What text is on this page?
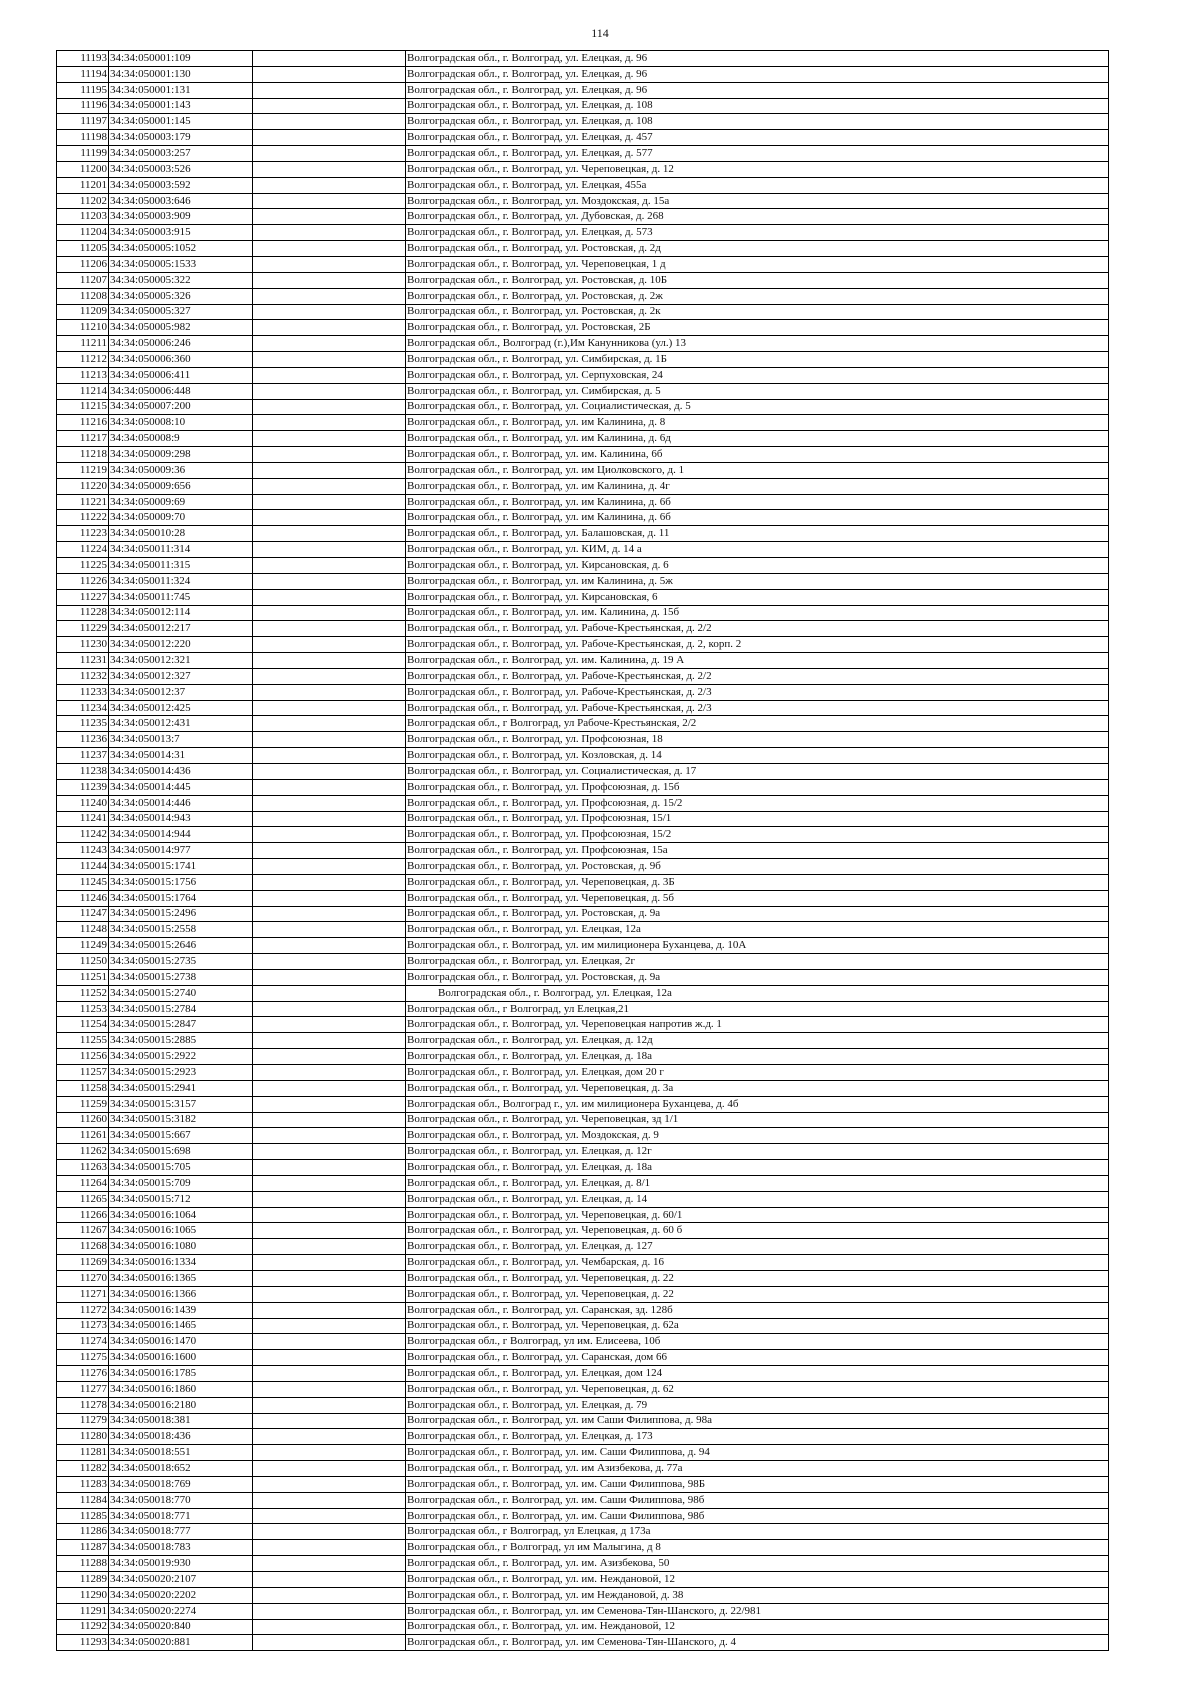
114
11193	34:34:050001:109		Волгоградская обл., г. Волгоград, ул. Елецкая, д. 96
11194	34:34:050001:130		Волгоградская обл., г. Волгоград, ул. Елецкая, д. 96
11195	34:34:050001:131		Волгоградская обл., г. Волгоград, ул. Елецкая, д. 96
11196	34:34:050001:143		Волгоградская обл., г. Волгоград, ул. Елецкая, д. 108
11197	34:34:050001:145		Волгоградская обл., г. Волгоград, ул. Елецкая, д. 108
11198	34:34:050003:179		Волгоградская обл., г. Волгоград, ул. Елецкая, д. 457
11199	34:34:050003:257		Волгоградская обл., г. Волгоград, ул. Елецкая, д. 577
11200	34:34:050003:526		Волгоградская обл., г. Волгоград, ул. Череповецкая, д. 12
11201	34:34:050003:592		Волгоградская обл., г. Волгоград, ул. Елецкая, 455а
11202	34:34:050003:646		Волгоградская обл., г. Волгоград, ул. Моздокская, д. 15а
11203	34:34:050003:909		Волгоградская обл., г. Волгоград, ул. Дубовская, д. 268
11204	34:34:050003:915		Волгоградская обл., г. Волгоград, ул. Елецкая, д. 573
11205	34:34:050005:1052		Волгоградская обл., г. Волгоград, ул. Ростовская, д. 2д
11206	34:34:050005:1533		Волгоградская обл., г. Волгоград, ул. Череповецкая, 1 д
11207	34:34:050005:322		Волгоградская обл., г. Волгоград, ул. Ростовская, д. 10Б
11208	34:34:050005:326		Волгоградская обл., г. Волгоград, ул. Ростовская, д. 2ж
11209	34:34:050005:327		Волгоградская обл., г. Волгоград, ул. Ростовская, д. 2к
11210	34:34:050005:982		Волгоградская обл., г. Волгоград, ул. Ростовская, 2Б
11211	34:34:050006:246		Волгоградская обл., Волгоград (г.),Им Канунникова (ул.) 13
11212	34:34:050006:360		Волгоградская обл., г. Волгоград, ул. Симбирская, д. 1Б
11213	34:34:050006:411		Волгоградская обл., г. Волгоград, ул. Серпуховская, 24
11214	34:34:050006:448		Волгоградская обл., г. Волгоград, ул. Симбирская, д. 5
11215	34:34:050007:200		Волгоградская обл., г. Волгоград, ул. Социалистическая, д. 5
11216	34:34:050008:10		Волгоградская обл., г. Волгоград, ул. им Калинина, д. 8
11217	34:34:050008:9		Волгоградская обл., г. Волгоград, ул. им Калинина, д. 6д
11218	34:34:050009:298		Волгоградская обл., г. Волгоград, ул. им. Калинина, 6б
11219	34:34:050009:36		Волгоградская обл., г. Волгоград, ул. им Циолковского, д. 1
11220	34:34:050009:656		Волгоградская обл., г. Волгоград, ул. им Калинина, д. 4г
11221	34:34:050009:69		Волгоградская обл., г. Волгоград, ул. им Калинина, д. 6б
11222	34:34:050009:70		Волгоградская обл., г. Волгоград, ул. им Калинина, д. 6б
11223	34:34:050010:28		Волгоградская обл., г. Волгоград, ул. Балашовская, д. 11
11224	34:34:050011:314		Волгоградская обл., г. Волгоград, ул. КИМ, д. 14 а
11225	34:34:050011:315		Волгоградская обл., г. Волгоград, ул. Кирсановская, д. 6
11226	34:34:050011:324		Волгоградская обл., г. Волгоград, ул. им Калинина, д. 5ж
11227	34:34:050011:745		Волгоградская обл., г. Волгоград, ул. Кирсановская, 6
11228	34:34:050012:114		Волгоградская обл., г. Волгоград, ул. им. Калинина, д. 15б
11229	34:34:050012:217		Волгоградская обл., г. Волгоград, ул. Рабоче-Крестьянская, д. 2/2
11230	34:34:050012:220		Волгоградская обл., г. Волгоград, ул. Рабоче-Крестьянская, д. 2, корп. 2
11231	34:34:050012:321		Волгоградская обл., г. Волгоград, ул. им. Калинина, д. 19 А
11232	34:34:050012:327		Волгоградская обл., г. Волгоград, ул. Рабоче-Крестьянская, д. 2/2
11233	34:34:050012:37		Волгоградская обл., г. Волгоград, ул. Рабоче-Крестьянская, д. 2/3
11234	34:34:050012:425		Волгоградская обл., г. Волгоград, ул. Рабоче-Крестьянская, д. 2/3
11235	34:34:050012:431		Волгоградская обл., г Волгоград, ул Рабоче-Крестьянская, 2/2
11236	34:34:050013:7		Волгоградская обл., г. Волгоград, ул. Профсоюзная, 18
11237	34:34:050014:31		Волгоградская обл., г. Волгоград, ул. Козловская, д. 14
11238	34:34:050014:436		Волгоградская обл., г. Волгоград, ул. Социалистическая, д. 17
11239	34:34:050014:445		Волгоградская обл., г. Волгоград, ул. Профсоюзная, д. 15б
11240	34:34:050014:446		Волгоградская обл., г. Волгоград, ул. Профсоюзная, д. 15/2
11241	34:34:050014:943		Волгоградская обл., г. Волгоград, ул. Профсоюзная, 15/1
11242	34:34:050014:944		Волгоградская обл., г. Волгоград, ул. Профсоюзная, 15/2
11243	34:34:050014:977		Волгоградская обл., г. Волгоград, ул. Профсоюзная, 15а
11244	34:34:050015:1741		Волгоградская обл., г. Волгоград, ул. Ростовская, д. 9б
11245	34:34:050015:1756		Волгоградская обл., г. Волгоград, ул. Череповецкая, д. 3Б
11246	34:34:050015:1764		Волгоградская обл., г. Волгоград, ул. Череповецкая, д. 5б
11247	34:34:050015:2496		Волгоградская обл., г. Волгоград, ул. Ростовская, д. 9а
11248	34:34:050015:2558		Волгоградская обл., г. Волгоград, ул. Елецкая, 12а
11249	34:34:050015:2646		Волгоградская обл., г. Волгоград, ул. им милиционера Буханцева, д. 10А
11250	34:34:050015:2735		Волгоградская обл., г. Волгоград, ул. Елецкая, 2г
11251	34:34:050015:2738		Волгоградская обл., г. Волгоград, ул. Ростовская, д. 9а
11252	34:34:050015:2740		Волгоградская обл., г. Волгоград, ул. Елецкая, 12а
11253	34:34:050015:2784		Волгоградская обл., г Волгоград, ул Елецкая,21
11254	34:34:050015:2847		Волгоградская обл., г. Волгоград, ул. Череповецкая напротив ж.д. 1
11255	34:34:050015:2885		Волгоградская обл., г. Волгоград, ул. Елецкая, д. 12д
11256	34:34:050015:2922		Волгоградская обл., г. Волгоград, ул. Елецкая, д. 18а
11257	34:34:050015:2923		Волгоградская обл., г. Волгоград, ул. Елецкая, дом 20 г
11258	34:34:050015:2941		Волгоградская обл., г. Волгоград, ул. Череповецкая, д. 3а
11259	34:34:050015:3157		Волгоградская обл., Волгоград г., ул. им милиционера Буханцева, д. 4б
11260	34:34:050015:3182		Волгоградская обл., г. Волгоград, ул. Череповецкая, зд 1/1
11261	34:34:050015:667		Волгоградская обл., г. Волгоград, ул. Моздокская, д. 9
11262	34:34:050015:698		Волгоградская обл., г. Волгоград, ул. Елецкая, д. 12г
11263	34:34:050015:705		Волгоградская обл., г. Волгоград, ул. Елецкая, д. 18а
11264	34:34:050015:709		Волгоградская обл., г. Волгоград, ул. Елецкая, д. 8/1
11265	34:34:050015:712		Волгоградская обл., г. Волгоград, ул. Елецкая, д. 14
11266	34:34:050016:1064		Волгоградская обл., г. Волгоград, ул. Череповецкая, д. 60/1
11267	34:34:050016:1065		Волгоградская обл., г. Волгоград, ул. Череповецкая, д. 60 б
11268	34:34:050016:1080		Волгоградская обл., г. Волгоград, ул. Елецкая, д. 127
11269	34:34:050016:1334		Волгоградская обл., г. Волгоград, ул. Чембарская, д. 16
11270	34:34:050016:1365		Волгоградская обл., г. Волгоград, ул. Череповецкая, д. 22
11271	34:34:050016:1366		Волгоградская обл., г. Волгоград, ул. Череповецкая, д. 22
11272	34:34:050016:1439		Волгоградская обл., г. Волгоград, ул. Саранская, зд. 128б
11273	34:34:050016:1465		Волгоградская обл., г. Волгоград, ул. Череповецкая, д. 62а
11274	34:34:050016:1470		Волгоградская обл., г Волгоград, ул им. Елисеева, 10б
11275	34:34:050016:1600		Волгоградская обл., г. Волгоград, ул. Саранская, дом 66
11276	34:34:050016:1785		Волгоградская обл., г. Волгоград, ул. Елецкая, дом 124
11277	34:34:050016:1860		Волгоградская обл., г. Волгоград, ул. Череповецкая, д. 62
11278	34:34:050016:2180		Волгоградская обл., г. Волгоград, ул. Елецкая, д. 79
11279	34:34:050018:381		Волгоградская обл., г. Волгоград, ул. им Саши Филиппова, д. 98а
11280	34:34:050018:436		Волгоградская обл., г. Волгоград, ул. Елецкая, д. 173
11281	34:34:050018:551		Волгоградская обл., г. Волгоград, ул. им. Саши Филиппова, д. 94
11282	34:34:050018:652		Волгоградская обл., г. Волгоград, ул. им Азизбекова, д. 77а
11283	34:34:050018:769		Волгоградская обл., г. Волгоград, ул. им. Саши Филиппова, 98Б
11284	34:34:050018:770		Волгоградская обл., г. Волгоград, ул. им. Саши Филиппова, 98б
11285	34:34:050018:771		Волгоградская обл., г. Волгоград, ул. им. Саши Филиппова, 98б
11286	34:34:050018:777		Волгоградская обл., г Волгоград, ул Елецкая, д 173а
11287	34:34:050018:783		Волгоградская обл., г Волгоград, ул им Малыгина, д 8
11288	34:34:050019:930		Волгоградская обл., г. Волгоград, ул. им. Азизбекова, 50
11289	34:34:050020:2107		Волгоградская обл., г. Волгоград, ул. им. Неждановой, 12
11290	34:34:050020:2202		Волгоградская обл., г. Волгоград, ул. им Неждановой, д. 38
11291	34:34:050020:2274		Волгоградская обл., г. Волгоград, ул. им Семенова-Тян-Шанского, д. 22/981
11292	34:34:050020:840		Волгоградская обл., г. Волгоград, ул. им. Неждановой, 12
11293	34:34:050020:881		Волгоградская обл., г. Волгоград, ул. им Семенова-Тян-Шанского, д. 4
